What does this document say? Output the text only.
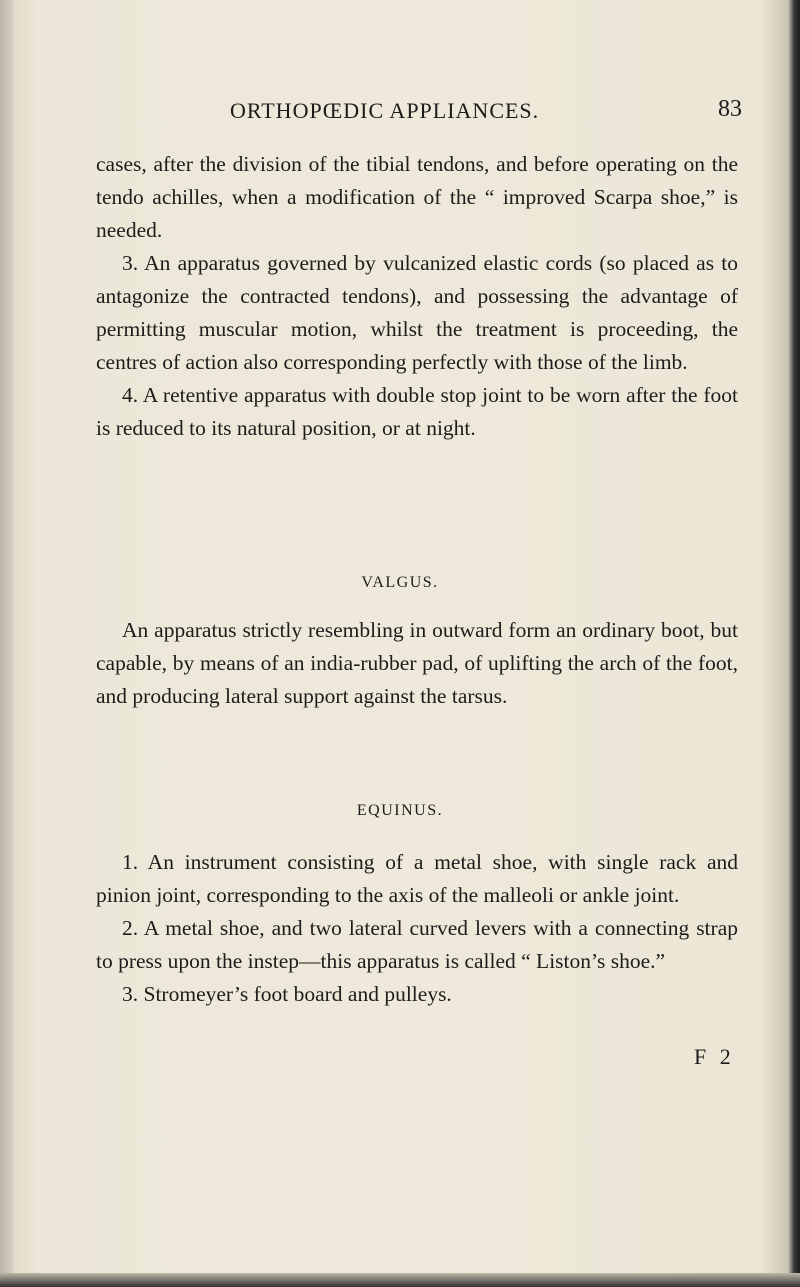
ORTHOPŒDIC APPLIANCES.	83

cases, after the division of the tibial tendons, and before operating on the tendo achilles, when a modification of the “ improved Scarpa shoe,” is needed.

3. An apparatus governed by vulcanized elastic cords (so placed as to antagonize the contracted tendons), and possessing the advantage of permitting muscular motion, whilst the treatment is proceeding, the centres of action also corresponding perfectly with those of the limb.

4. A retentive apparatus with double stop joint to be worn after the foot is reduced to its natural position, or at night.

VALGUS.

An apparatus strictly resembling in outward form an ordinary boot, but capable, by means of an india-rubber pad, of uplifting the arch of the foot, and producing lateral support against the tarsus.

EQUINUS.

1. An instrument consisting of a metal shoe, with single rack and pinion joint, corresponding to the axis of the malleoli or ankle joint.

2. A metal shoe, and two lateral curved levers with a connecting strap to press upon the instep—this apparatus is called “ Liston’s shoe.”

3. Stromeyer’s foot board and pulleys.

F 2
